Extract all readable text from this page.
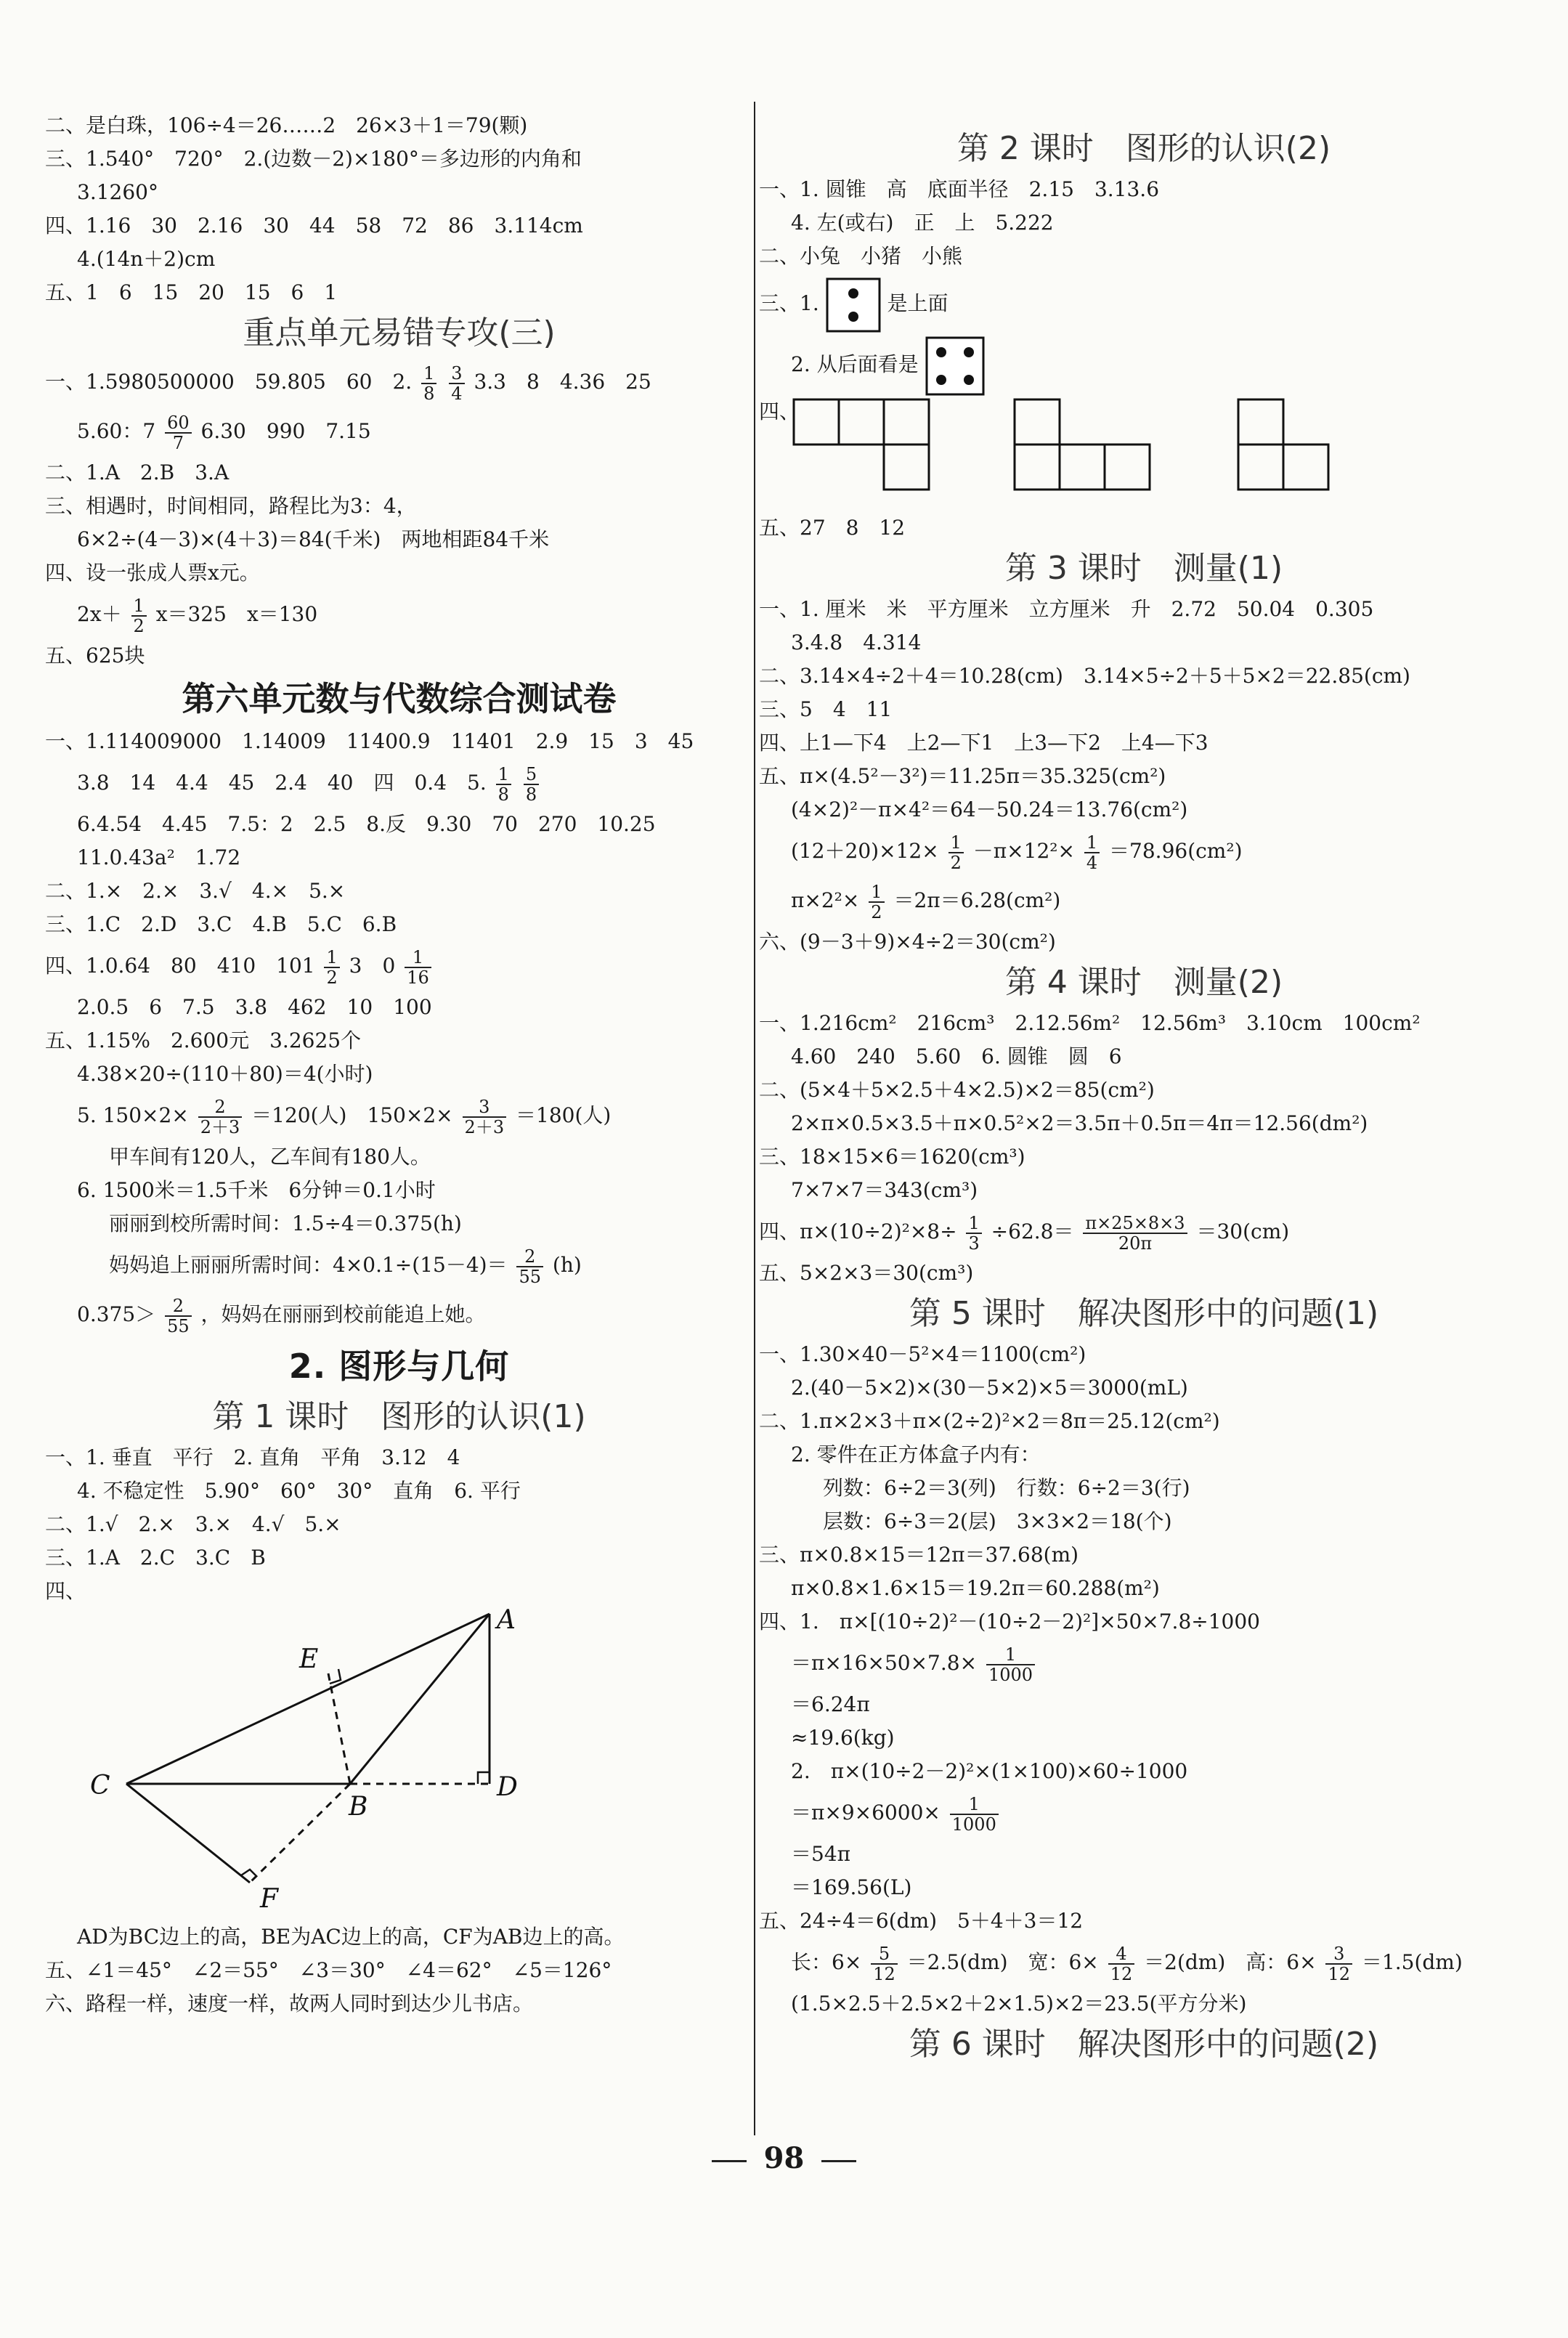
二、是白珠，106÷4＝26……2　26×3＋1＝79(颗)
三、1.540°　720°　2.(边数－2)×180°＝多边形的内角和
3.1260°
四、1.16　30　2.16　30　44　58　72　86　3.114cm
4.(14n＋2)cm
五、1　6　15　20　15　6　1
重点单元易错专攻(三)
一、1.5980500000　59.805　60　2. $\frac{1}{8}$
$\frac{3}{4} 3.3$　8　4.36　25
5.60：$7 \frac{60}{7} 6.30$　990　7.15
二、1.A　2.B　3.A
三、相遇时，时间相同，路程比为3：4，
6×2÷(4－3)×(4＋3)＝84(千米)　两地相距84千米
四、设一张成人票x元。
$2x+ \frac{1}{2} x=325$　x＝130
五、625块
第六单元数与代数综合测试卷
一、1.114009000　1.14009　11400.9　11401　2.9　15　3　45
3.8　14　4.4　45　2.4　40　四　0.4　5. $\frac{1}{8}$
$\frac{5}{8}$
6.4.54　4.45　7.5：2　2.5　8.反　9.30　70　270　10.25
11.0.43a²　1.72
二、1.×　2.×　3.√　4.×　5.×
三、1.C　2.D　3.C　4.B　5.C　6.B
四、1.0.64　80　410　$101 \frac{1}{2} 3$　$0 \frac{1}{16}$
2.0.5　6　7.5　3.8　462　10　100
五、1.15%　2.600元　3.2625个
4.38×20÷(110＋80)＝4(小时)
5. $150\times 2\times \frac{2}{2+3} =120$(人)　$150\times 2\times \frac{3}{2+3} =180$(人)
甲车间有120人，乙车间有180人。
6. 1500米＝1.5千米　6分钟＝0.1小时
丽丽到校所需时间：1.5÷4＝0.375(h)
妈妈追上丽丽所需时间：$4\times 0.1\div(15-4)= \frac{2}{55} (h)$
$0.375> \frac{2}{55}$ ，妈妈在丽丽到校前能追上她。
2. 图形与几何
第 1 课时　图形的认识(1)
一、1. 垂直　平行　2. 直角　平角　3.12　4
4. 不稳定性　5.90°　60°　30°　直角　6. 平行
二、1.√　2.×　3.×　4.√　5.×
三、1.A　2.C　3.C　B
四、
A
B
C	D
E
F
AD为BC边上的高，BE为AC边上的高，CF为AB边上的高。
五、∠1＝45°　∠2＝55°　∠3＝30°　∠4＝62°　∠5＝126°
六、路程一样，速度一样，故两人同时到达少儿书店。
第 2 课时　图形的认识(2)
一、1. 圆锥　高　底面半径　2.15　3.13.6
4. 左(或右)　正　上　5.222
二、小兔　小猪　小熊
三、1.	是上面
2. 从后面看是
四、
五、27　8　12
第 3 课时　测量(1)
一、1. 厘米　米　平方厘米　立方厘米　升　2.72　50.04　0.305
3.4.8　4.314
二、3.14×4÷2＋4＝10.28(cm)　3.14×5÷2＋5＋5×2＝22.85(cm)
三、5　4　11
四、上1—下4　上2—下1　上3—下2　上4—下3
五、π×(4.5²－3²)＝11.25π＝35.325(cm²)
(4×2)²－π×4²＝64－50.24＝13.76(cm²)
$(12+20)\times 12\times \frac{1}{2} -\pi\times 12^2\times \frac{1}{4} =78.96(cm^2)$
$\pi\times 2^2\times \frac{1}{2} =2\pi=6.28(cm^2)$
六、(9－3＋9)×4÷2＝30(cm²)
第 4 课时　测量(2)
一、1.216cm²　216cm³　2.12.56m²　12.56m³　3.10cm　100cm²
4.60　240　5.60　6. 圆锥　圆　6
二、(5×4＋5×2.5＋4×2.5)×2＝85(cm²)
2×π×0.5×3.5＋π×0.5²×2＝3.5π＋0.5π＝4π＝12.56(dm²)
三、18×15×6＝1620(cm³)
7×7×7＝343(cm³)
四、$\pi\times(10\div 2)^2\times 8\div \frac{1}{3} \div 62.8= \frac{\pi\times 25\times 8\times 3}{20\pi} =30(cm)$
五、5×2×3＝30(cm³)
第 5 课时　解决图形中的问题(1)
一、1.30×40－5²×4＝1100(cm²)
2.(40－5×2)×(30－5×2)×5＝3000(mL)
二、1.π×2×3＋π×(2÷2)²×2＝8π＝25.12(cm²)
2. 零件在正方体盒子内有：
列数：6÷2＝3(列)　行数：6÷2＝3(行)
层数：6÷3＝2(层)　3×3×2＝18(个)
三、π×0.8×15＝12π＝37.68(m)
π×0.8×1.6×15＝19.2π＝60.288(m²)
四、1.　π×[(10÷2)²－(10÷2－2)²]×50×7.8÷1000
$=\pi\times 16\times 50\times 7.8\times \frac{1}{1000}$
＝6.24π
≈19.6(kg)
2.　π×(10÷2－2)²×(1×100)×60÷1000
$=\pi\times 9\times 6000\times \frac{1}{1000}$
＝54π
＝169.56(L)
五、24÷4＝6(dm)　5＋4＋3＝12
长：$6\times \frac{5}{12} =2.5(dm)$　宽：$6\times \frac{4}{12} =2(dm)$　高：$6\times \frac{3}{12} =1.5(dm)$
(1.5×2.5＋2.5×2＋2×1.5)×2＝23.5(平方分米)
第 6 课时　解决图形中的问题(2)
98
